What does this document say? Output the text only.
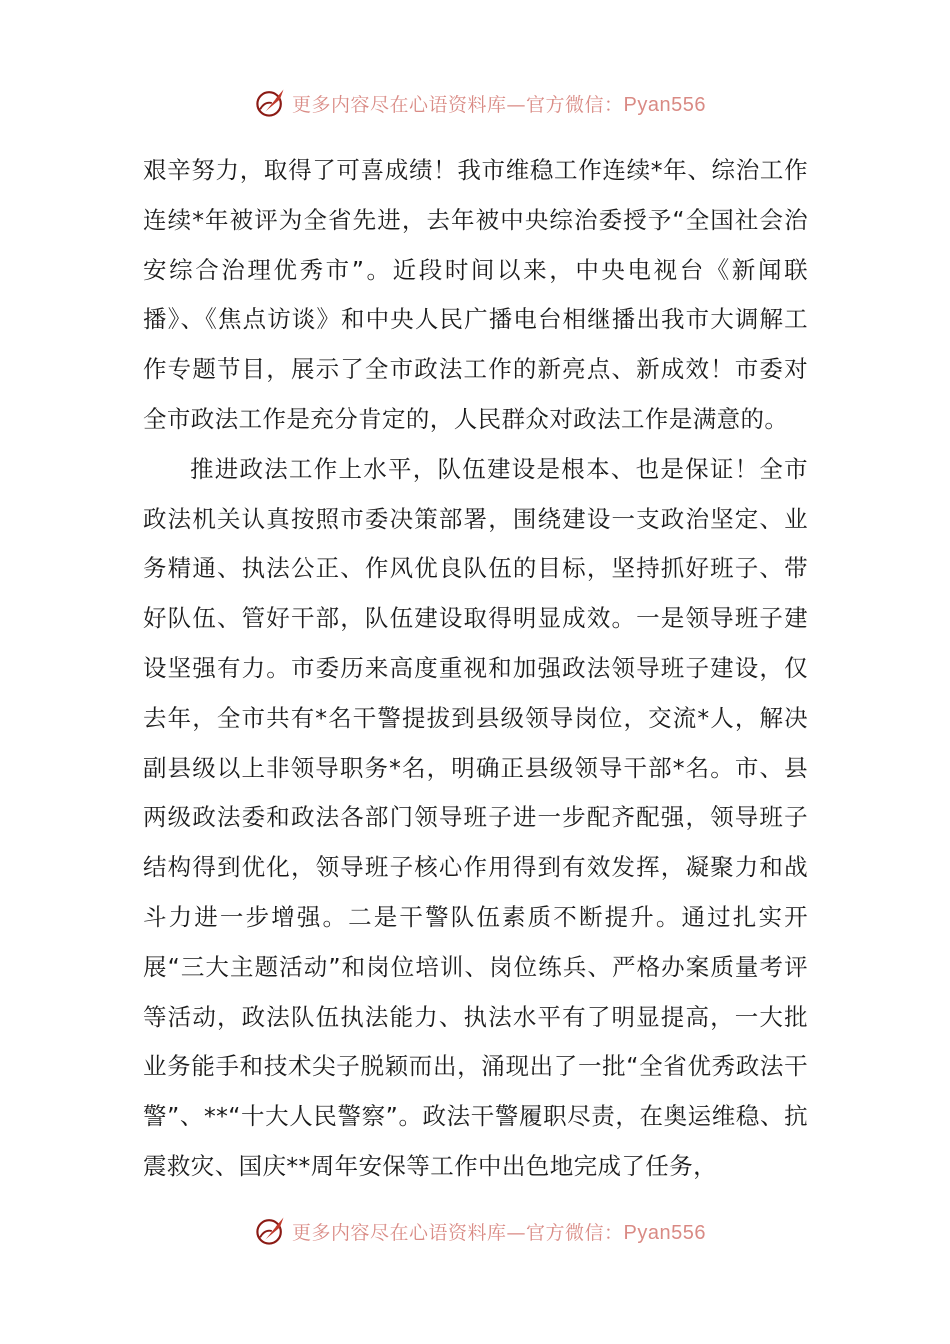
更多内容尽在心语资料库—官方微信：Pyan556

艰辛努力，取得了可喜成绩！我市维稳工作连续*年、综治工作连续*年被评为全省先进，去年被中央综治委授予“全国社会治安综合治理优秀市”。近段时间以来，中央电视台《新闻联播》、《焦点访谈》和中央人民广播电台相继播出我市大调解工作专题节目，展示了全市政法工作的新亮点、新成效！市委对全市政法工作是充分肯定的，人民群众对政法工作是满意的。

推进政法工作上水平，队伍建设是根本、也是保证！全市政法机关认真按照市委决策部署，围绕建设一支政治坚定、业务精通、执法公正、作风优良队伍的目标，坚持抓好班子、带好队伍、管好干部，队伍建设取得明显成效。一是领导班子建设坚强有力。市委历来高度重视和加强政法领导班子建设，仅去年，全市共有*名干警提拔到县级领导岗位，交流*人，解决副县级以上非领导职务*名，明确正县级领导干部*名。市、县两级政法委和政法各部门领导班子进一步配齐配强，领导班子结构得到优化，领导班子核心作用得到有效发挥，凝聚力和战斗力进一步增强。二是干警队伍素质不断提升。通过扎实开展“三大主题活动”和岗位培训、岗位练兵、严格办案质量考评等活动，政法队伍执法能力、执法水平有了明显提高，一大批业务能手和技术尖子脱颖而出，涌现出了一批“全省优秀政法干警”、**“十大人民警察”。政法干警履职尽责，在奥运维稳、抗震救灾、国庆**周年安保等工作中出色地完成了任务，

更多内容尽在心语资料库—官方微信：Pyan556
